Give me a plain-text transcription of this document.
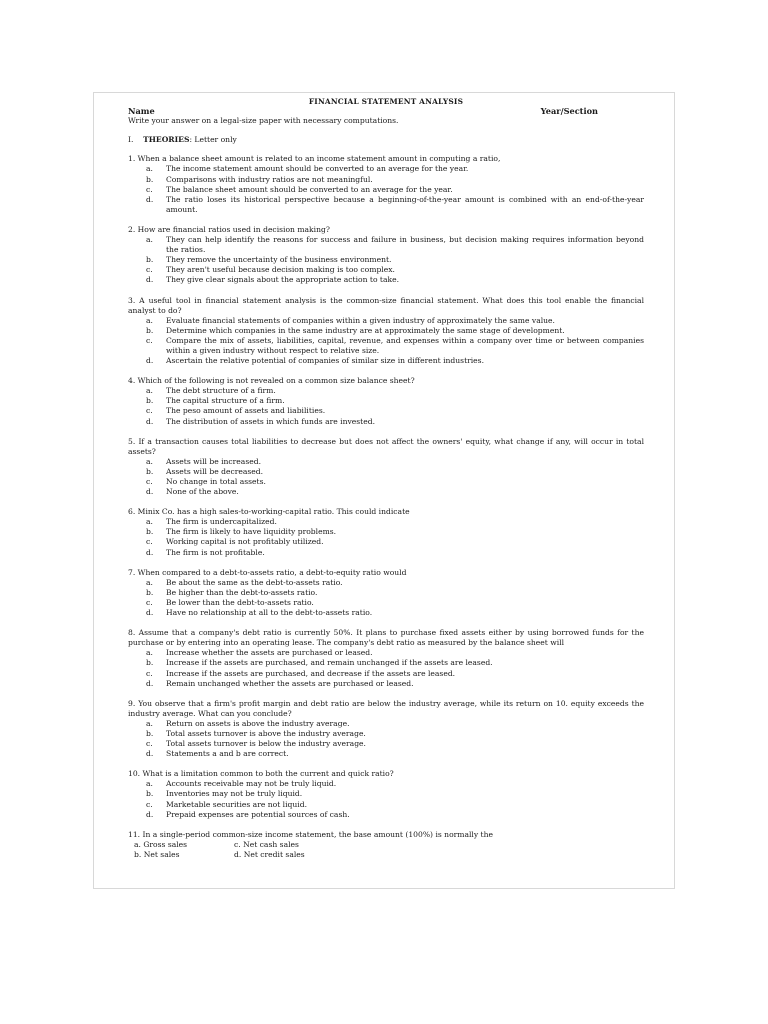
FINANCIAL STATEMENT ANALYSIS
Name	Year/Section
Write your answer on a legal-size paper with necessary computations.
I. THEORIES: Letter only
1. When a balance sheet amount is related to an income statement amount in computing a ratio,
a.	The income statement amount should be converted to an average for the year.
b.	Comparisons with industry ratios are not meaningful.
c.	The balance sheet amount should be converted to an average for the year.
d.	The ratio loses its historical perspective because a beginning-of-the-year amount is combined with an end-of-the-year amount.
2. How are financial ratios used in decision making?
a.	They can help identify the reasons for success and failure in business, but decision making requires information beyond the ratios.
b.	They remove the uncertainty of the business environment.
c.	They aren't useful because decision making is too complex.
d.	They give clear signals about the appropriate action to take.
3. A useful tool in financial statement analysis is the common-size financial statement. What does this tool enable the financial analyst to do?
a.	Evaluate financial statements of companies within a given industry of approximately the same value.
b.	Determine which companies in the same industry are at approximately the same stage of development.
c.	Compare the mix of assets, liabilities, capital, revenue, and expenses within a company over time or between companies within a given industry without respect to relative size.
d.	Ascertain the relative potential of companies of similar size in different industries.
4. Which of the following is not revealed on a common size balance sheet?
a.	The debt structure of a firm.
b.	The capital structure of a firm.
c.	The peso amount of assets and liabilities.
d.	The distribution of assets in which funds are invested.
5. If a transaction causes total liabilities to decrease but does not affect the owners' equity, what change if any, will occur in total assets?
a.	Assets will be increased.
b.	Assets will be decreased.
c.	No change in total assets.
d.	None of the above.
6. Minix Co. has a high sales-to-working-capital ratio. This could indicate
a.	The firm is undercapitalized.
b.	The firm is likely to have liquidity problems.
c.	Working capital is not profitably utilized.
d.	The firm is not profitable.
7. When compared to a debt-to-assets ratio, a debt-to-equity ratio would
a.	Be about the same as the debt-to-assets ratio.
b.	Be higher than the debt-to-assets ratio.
c.	Be lower than the debt-to-assets ratio.
d.	Have no relationship at all to the debt-to-assets ratio.
8. Assume that a company's debt ratio is currently 50%. It plans to purchase fixed assets either by using borrowed funds for the purchase or by entering into an operating lease. The company's debt ratio as measured by the balance sheet will
a.	Increase whether the assets are purchased or leased.
b.	Increase if the assets are purchased, and remain unchanged if the assets are leased.
c.	Increase if the assets are purchased, and decrease if the assets are leased.
d.	Remain unchanged whether the assets are purchased or leased.
9. You observe that a firm's profit margin and debt ratio are below the industry average, while its return on 10. equity exceeds the industry average. What can you conclude?
a.	Return on assets is above the industry average.
b.	Total assets turnover is above the industry average.
c.	Total assets turnover is below the industry average.
d.	Statements a and b are correct.
10. What is a limitation common to both the current and quick ratio?
a.	Accounts receivable may not be truly liquid.
b.	Inventories may not be truly liquid.
c.	Marketable securities are not liquid.
d.	Prepaid expenses are potential sources of cash.
11. In a single-period common-size income statement, the base amount (100%) is normally the
a. Gross sales	c. Net cash sales
b. Net sales	d. Net credit sales
